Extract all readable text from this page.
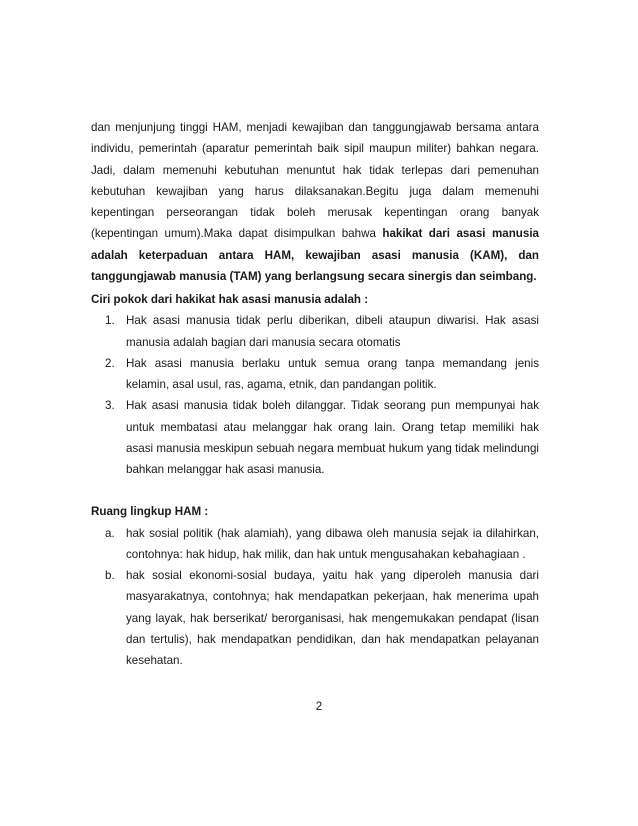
dan menjunjung tinggi HAM, menjadi kewajiban dan tanggungjawab bersama antara individu, pemerintah (aparatur pemerintah baik sipil maupun militer) bahkan negara. Jadi, dalam memenuhi kebutuhan menuntut hak tidak terlepas dari pemenuhan kebutuhan kewajiban yang harus dilaksanakan.Begitu juga dalam memenuhi kepentingan perseorangan tidak boleh merusak kepentingan orang banyak (kepentingan umum).Maka dapat disimpulkan bahwa hakikat dari asasi manusia adalah keterpaduan antara HAM, kewajiban asasi manusia (KAM), dan tanggungjawab manusia (TAM) yang berlangsung secara sinergis dan seimbang.

Ciri pokok dari hakikat hak asasi manusia adalah :

1. Hak asasi manusia tidak perlu diberikan, dibeli ataupun diwarisi. Hak asasi manusia adalah bagian dari manusia secara otomatis
2. Hak asasi manusia berlaku untuk semua orang tanpa memandang jenis kelamin, asal usul, ras, agama, etnik, dan pandangan politik.
3. Hak asasi manusia tidak boleh dilanggar. Tidak seorang pun mempunyai hak untuk membatasi atau melanggar hak orang lain. Orang tetap memiliki hak asasi manusia meskipun sebuah negara membuat hukum yang tidak melindungi bahkan melanggar hak asasi manusia.

Ruang lingkup HAM :

a. hak sosial politik (hak alamiah), yang dibawa oleh manusia sejak ia dilahirkan, contohnya: hak hidup, hak milik, dan hak untuk mengusahakan kebahagiaan .
b. hak sosial ekonomi-sosial budaya, yaitu hak yang diperoleh manusia dari masyarakatnya, contohnya; hak mendapatkan pekerjaan, hak menerima upah yang layak, hak berserikat/ berorganisasi, hak mengemukakan pendapat (lisan dan tertulis), hak mendapatkan pendidikan, dan hak mendapatkan pelayanan kesehatan.
2
